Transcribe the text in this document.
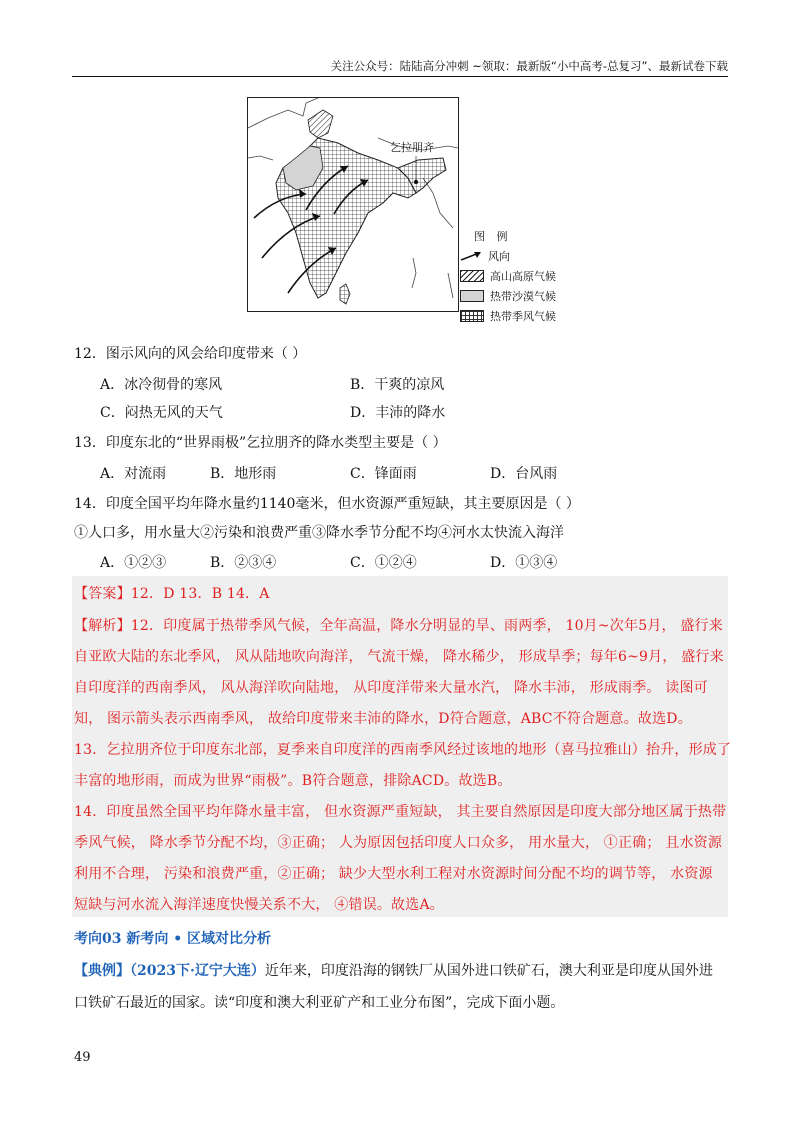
关注公众号：陆陆高分冲刺 ~领取：最新版“小中高考-总复习”、最新试卷下载
乞拉朋齐
图 例
风向
高山高原气候
热带沙漠气候
热带季风气候
12．图示风向的风会给印度带来（ ）
A．冰冷彻骨的寒风	B．干爽的凉风
C．闷热无风的天气	D．丰沛的降水
13．印度东北的“世界雨极”乞拉朋齐的降水类型主要是（ ）
A．对流雨	B．地形雨	C．锋面雨	D．台风雨
14．印度全国平均年降水量约1140毫米，但水资源严重短缺，其主要原因是（ ）
①人口多，用水量大②污染和浪费严重③降水季节分配不均④河水太快流入海洋
A．①②③	B．②③④	C．①②④	D．①③④
【答案】12．D 13．B 14．A
【解析】12．印度属于热带季风气候，全年高温，降水分明显的旱、雨两季， 10月~次年5月， 盛行来
自亚欧大陆的东北季风， 风从陆地吹向海洋， 气流干燥， 降水稀少， 形成旱季；每年6~9月， 盛行来
自印度洋的西南季风， 风从海洋吹向陆地， 从印度洋带来大量水汽， 降水丰沛， 形成雨季。 读图可
知， 图示箭头表示西南季风， 故给印度带来丰沛的降水，D符合题意，ABC不符合题意。故选D。
13．乞拉朋齐位于印度东北部，夏季来自印度洋的西南季风经过该地的地形（喜马拉雅山）抬升，形成了
丰富的地形雨，而成为世界“雨极”。B符合题意，排除ACD。故选B。
14．印度虽然全国平均年降水量丰富， 但水资源严重短缺， 其主要自然原因是印度大部分地区属于热带
季风气候， 降水季节分配不均，③正确； 人为原因包括印度人口众多， 用水量大， ①正确； 且水资源
利用不合理， 污染和浪费严重，②正确； 缺少大型水利工程对水资源时间分配不均的调节等， 水资源
短缺与河水流入海洋速度快慢关系不大， ④错误。故选A。
考向03 新考向 • 区域对比分析
【典例】（2023下·辽宁大连）近年来，印度沿海的钢铁厂从国外进口铁矿石，澳大利亚是印度从国外进
口铁矿石最近的国家。读“印度和澳大利亚矿产和工业分布图”，完成下面小题。
49
